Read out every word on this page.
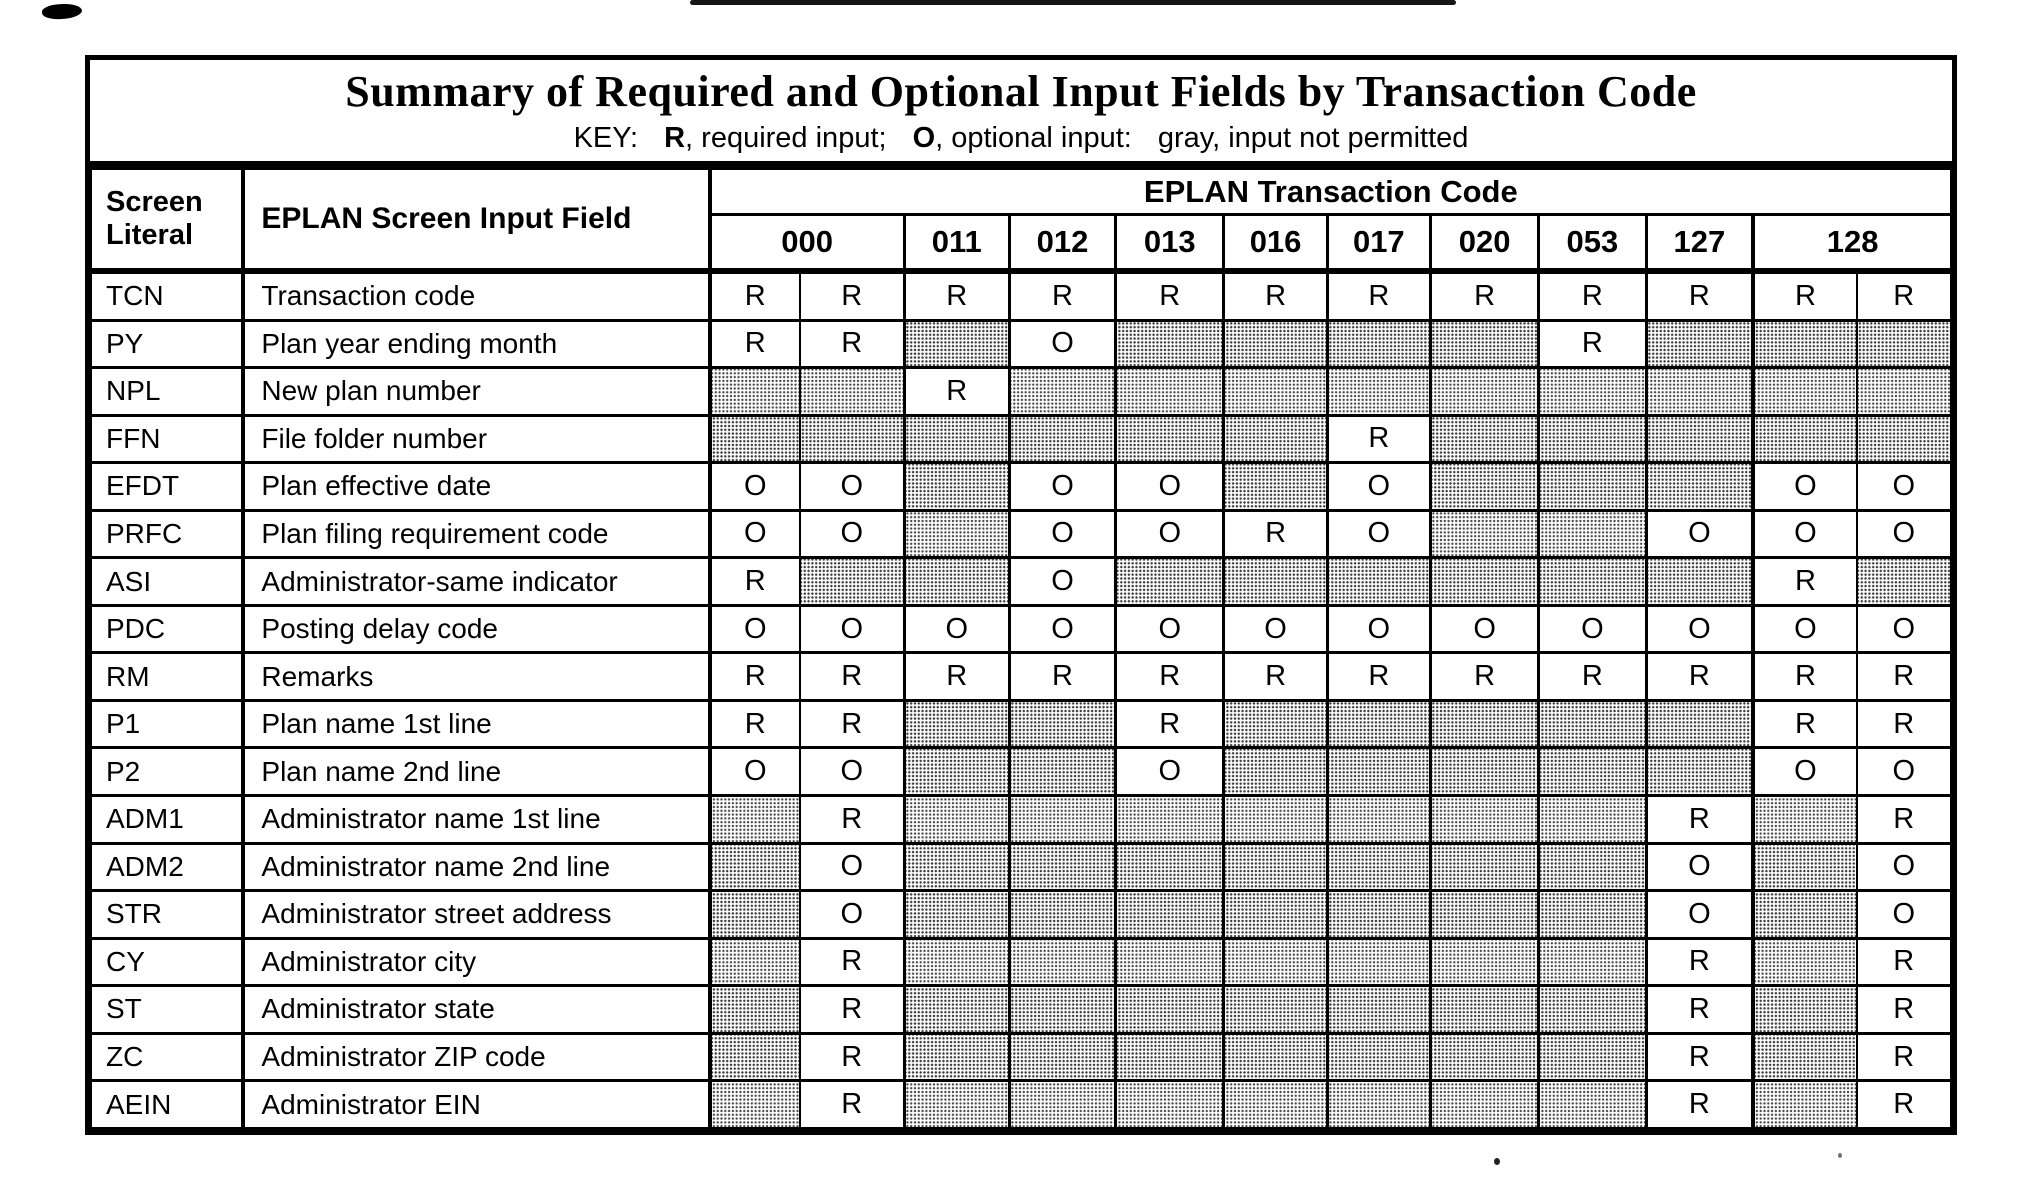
Summary of Required and Optional Input Fields by Transaction Code
KEY: R, required input; O, optional input: gray, input not permitted
Screen
Literal	EPLAN Screen Input Field	EPLAN Transaction Code											
		000		011	012	013	016	017	020	053	127	128	
TCN	Transaction code	R	R	R	R	R	R	R	R	R	R	R	R
PY	Plan year ending month	R	R		O					R			
NPL	New plan number			R									
FFN	File folder number							R					
EFDT	Plan effective date	O	O		O	O		O				O	O
PRFC	Plan filing requirement code	O	O		O	O	R	O			O	O	O
ASI	Administrator-same indicator	R			O							R	
PDC	Posting delay code	O	O	O	O	O	O	O	O	O	O	O	O
RM	Remarks	R	R	R	R	R	R	R	R	R	R	R	R
P1	Plan name 1st line	R	R			R						R	R
P2	Plan name 2nd line	O	O			O						O	O
ADM1	Administrator name 1st line		R								R		R
ADM2	Administrator name 2nd line		O								O		O
STR	Administrator street address		O								O		O
CY	Administrator city		R								R		R
ST	Administrator state		R								R		R
ZC	Administrator ZIP code		R								R		R
AEIN	Administrator EIN		R								R		R
